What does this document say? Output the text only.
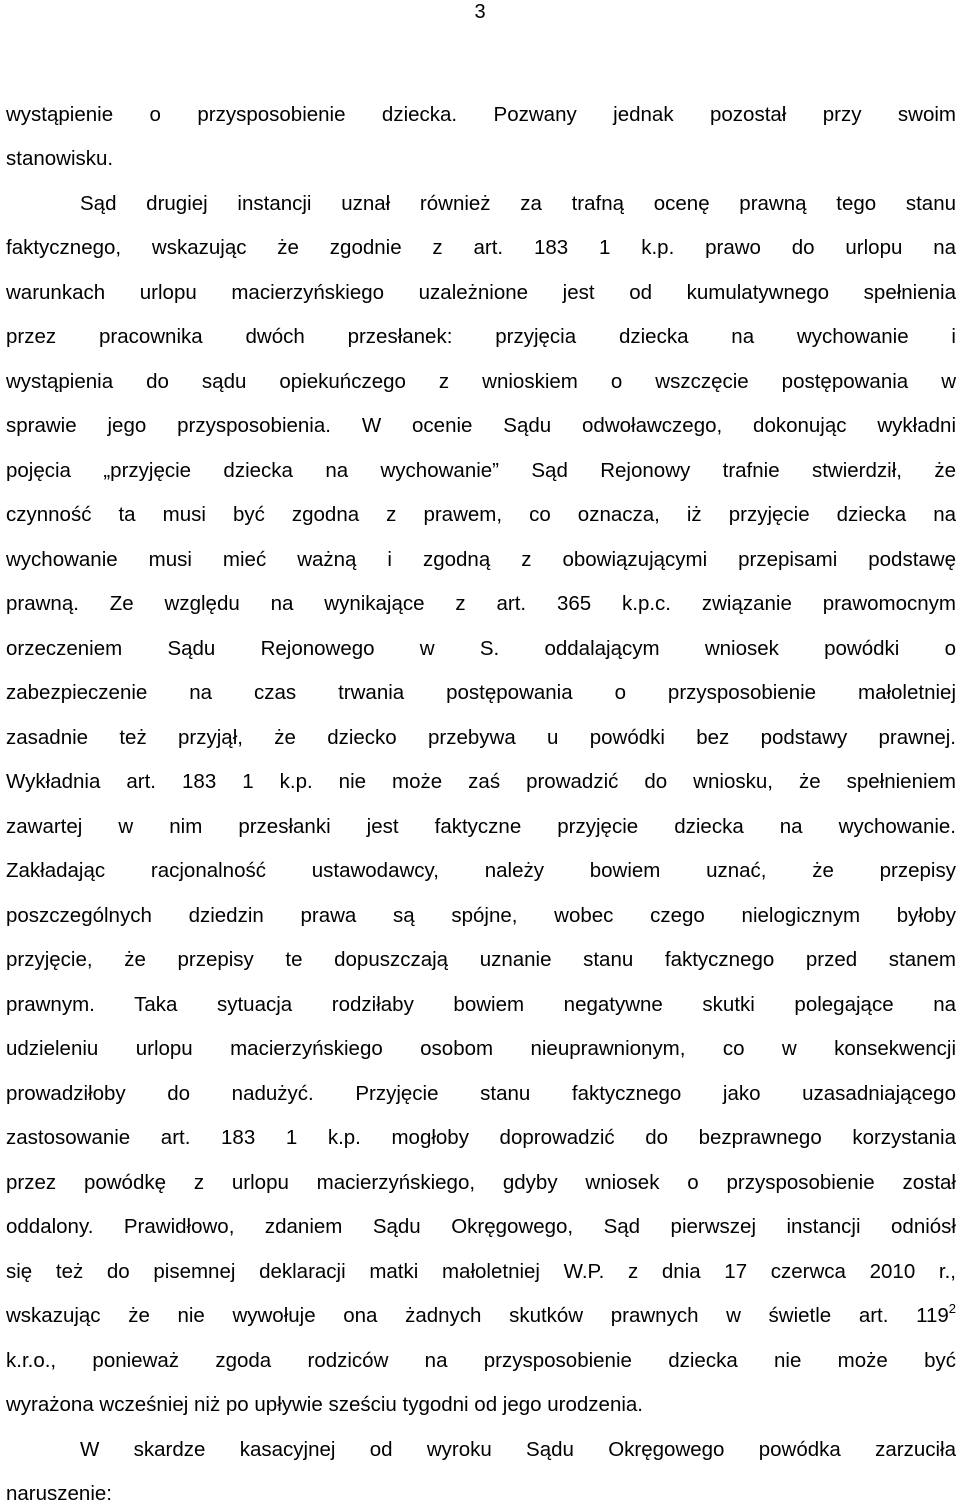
3
wystąpienie o przysposobienie dziecka. Pozwany jednak pozostał przy swoim
stanowisku.
Sąd drugiej instancji uznał również za trafną ocenę prawną tego stanu
faktycznego, wskazując że zgodnie z art. 183 1 k.p. prawo do urlopu na
warunkach urlopu macierzyńskiego uzależnione jest od kumulatywnego spełnienia
przez pracownika dwóch przesłanek: przyjęcia dziecka na wychowanie i
wystąpienia do sądu opiekuńczego z wnioskiem o wszczęcie postępowania w
sprawie jego przysposobienia. W ocenie Sądu odwoławczego, dokonując wykładni
pojęcia „przyjęcie dziecka na wychowanie” Sąd Rejonowy trafnie stwierdził, że
czynność ta musi być zgodna z prawem, co oznacza, iż przyjęcie dziecka na
wychowanie musi mieć ważną i zgodną z obowiązującymi przepisami podstawę
prawną. Ze względu na wynikające z art. 365 k.p.c. związanie prawomocnym
orzeczeniem Sądu Rejonowego w S. oddalającym wniosek powódki o
zabezpieczenie na czas trwania postępowania o przysposobienie małoletniej
zasadnie też przyjął, że dziecko przebywa u powódki bez podstawy prawnej.
Wykładnia art. 183 1 k.p. nie może zaś prowadzić do wniosku, że spełnieniem
zawartej w nim przesłanki jest faktyczne przyjęcie dziecka na wychowanie.
Zakładając racjonalność ustawodawcy, należy bowiem uznać, że przepisy
poszczególnych dziedzin prawa są spójne, wobec czego nielogicznym byłoby
przyjęcie, że przepisy te dopuszczają uznanie stanu faktycznego przed stanem
prawnym. Taka sytuacja rodziłaby bowiem negatywne skutki polegające na
udzieleniu urlopu macierzyńskiego osobom nieuprawnionym, co w konsekwencji
prowadziłoby do nadużyć. Przyjęcie stanu faktycznego jako uzasadniającego
zastosowanie art. 183 1 k.p. mogłoby doprowadzić do bezprawnego korzystania
przez powódkę z urlopu macierzyńskiego, gdyby wniosek o przysposobienie został
oddalony. Prawidłowo, zdaniem Sądu Okręgowego, Sąd pierwszej instancji odniósł
się też do pisemnej deklaracji matki małoletniej W.P. z dnia 17 czerwca 2010 r.,
wskazując że nie wywołuje ona żadnych skutków prawnych w świetle art. $119^2$
k.r.o., ponieważ zgoda rodziców na przysposobienie dziecka nie może być
wyrażona wcześniej niż po upływie sześciu tygodni od jego urodzenia.
W skardze kasacyjnej od wyroku Sądu Okręgowego powódka zarzuciła
naruszenie:
